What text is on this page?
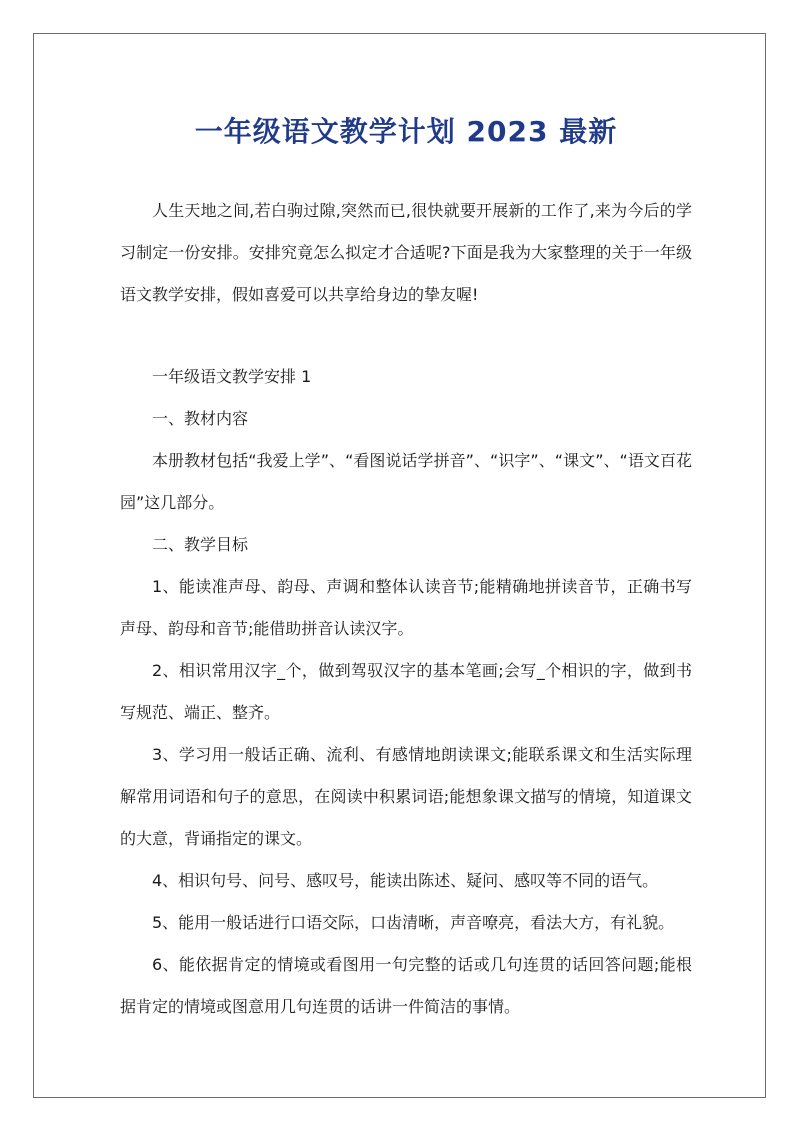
一年级语文教学计划 2023 最新

人生天地之间,若白驹过隙,突然而已,很快就要开展新的工作了,来为今后的学习制定一份安排。安排究竟怎么拟定才合适呢?下面是我为大家整理的关于一年级语文教学安排，假如喜爱可以共享给身边的挚友喔!

一年级语文教学安排 1

一、教材内容

本册教材包括“我爱上学”、“看图说话学拼音”、“识字”、“课文”、“语文百花园”这几部分。

二、教学目标

1、能读准声母、韵母、声调和整体认读音节;能精确地拼读音节，正确书写声母、韵母和音节;能借助拼音认读汉字。

2、相识常用汉字_个，做到驾驭汉字的基本笔画;会写_个相识的字，做到书写规范、端正、整齐。

3、学习用一般话正确、流利、有感情地朗读课文;能联系课文和生活实际理解常用词语和句子的意思，在阅读中积累词语;能想象课文描写的情境，知道课文的大意，背诵指定的课文。

4、相识句号、问号、感叹号，能读出陈述、疑问、感叹等不同的语气。

5、能用一般话进行口语交际，口齿清晰，声音嘹亮，看法大方，有礼貌。

6、能依据肯定的情境或看图用一句完整的话或几句连贯的话回答问题;能根据肯定的情境或图意用几句连贯的话讲一件简洁的事情。
